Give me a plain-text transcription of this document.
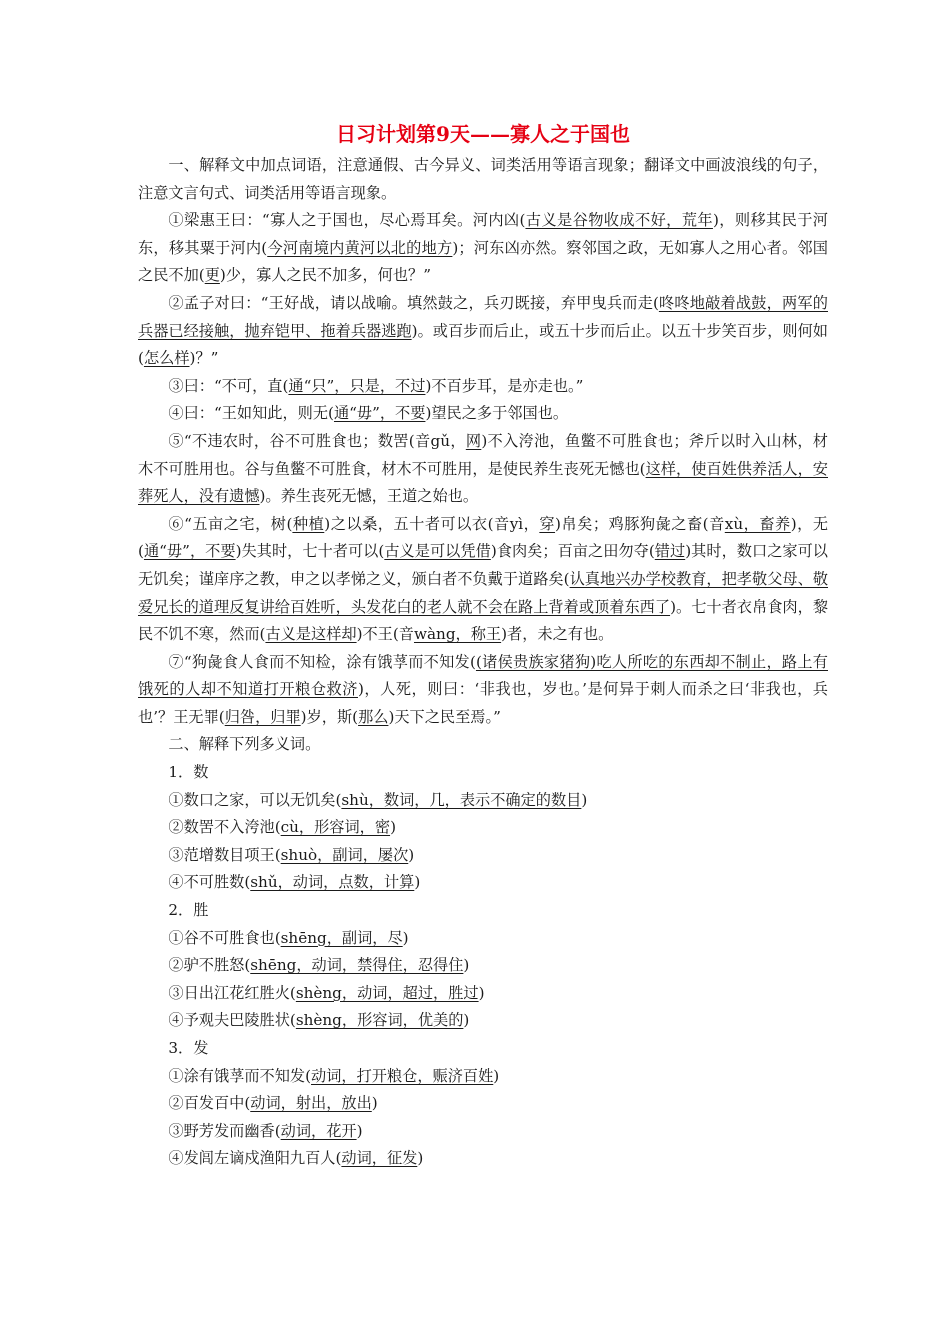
日习计划第9天——寡人之于国也

一、解释文中加点词语，注意通假、古今异义、词类活用等语言现象；翻译文中画波浪线的句子，注意文言句式、词类活用等语言现象。

①梁惠王曰：“寡人之于国也，尽心焉耳矣。河内凶(古义是谷物收成不好，荒年)，则移其民于河东，移其粟于河内(今河南境内黄河以北的地方)；河东凶亦然。察邻国之政，无如寡人之用心者。邻国之民不加(更)少，寡人之民不加多，何也？”

②孟子对曰：“王好战，请以战喻。填然鼓之，兵刃既接，弃甲曳兵而走(咚咚地敲着战鼓，两军的兵器已经接触，抛弃铠甲、拖着兵器逃跑)。或百步而后止，或五十步而后止。以五十步笑百步，则何如(怎么样)？”

③曰：“不可，直(通“只”，只是，不过)不百步耳，是亦走也。”

④曰：“王如知此，则无(通“毋”，不要)望民之多于邻国也。

⑤“不违农时，谷不可胜食也；数罟(音gǔ，网)不入洿池，鱼鳖不可胜食也；斧斤以时入山林，材木不可胜用也。谷与鱼鳖不可胜食，材木不可胜用，是使民养生丧死无憾也(这样，使百姓供养活人，安葬死人，没有遗憾)。养生丧死无憾，王道之始也。

⑥“五亩之宅，树(种植)之以桑，五十者可以衣(音yì，穿)帛矣；鸡豚狗彘之畜(音xù，畜养)，无(通“毋”，不要)失其时，七十者可以(古义是可以凭借)食肉矣；百亩之田勿夺(错过)其时，数口之家可以无饥矣；谨庠序之教，申之以孝悌之义，颁白者不负戴于道路矣(认真地兴办学校教育，把孝敬父母、敬爱兄长的道理反复讲给百姓听，头发花白的老人就不会在路上背着或顶着东西了)。七十者衣帛食肉，黎民不饥不寒，然而(古义是这样却)不王(音wàng，称王)者，未之有也。

⑦“狗彘食人食而不知检，涂有饿莩而不知发((诸侯贵族家猪狗)吃人所吃的东西却不制止，路上有饿死的人却不知道打开粮仓救济)，人死，则曰：‘非我也，岁也。’是何异于刺人而杀之曰‘非我也，兵也’？王无罪(归咎，归罪)岁，斯(那么)天下之民至焉。”

二、解释下列多义词。

1．数

①数口之家，可以无饥矣(shù，数词，几，表示不确定的数目)

②数罟不入洿池(cù，形容词，密)

③范增数目项王(shuò，副词，屡次)

④不可胜数(shǔ，动词，点数，计算)

2．胜

①谷不可胜食也(shēng，副词，尽)

②驴不胜怒(shēng，动词，禁得住，忍得住)

③日出江花红胜火(shèng，动词，超过，胜过)

④予观夫巴陵胜状(shèng，形容词，优美的)

3．发

①涂有饿莩而不知发(动词，打开粮仓，赈济百姓)

②百发百中(动词，射出，放出)

③野芳发而幽香(动词，花开)

④发闾左谪戍渔阳九百人(动词，征发)
